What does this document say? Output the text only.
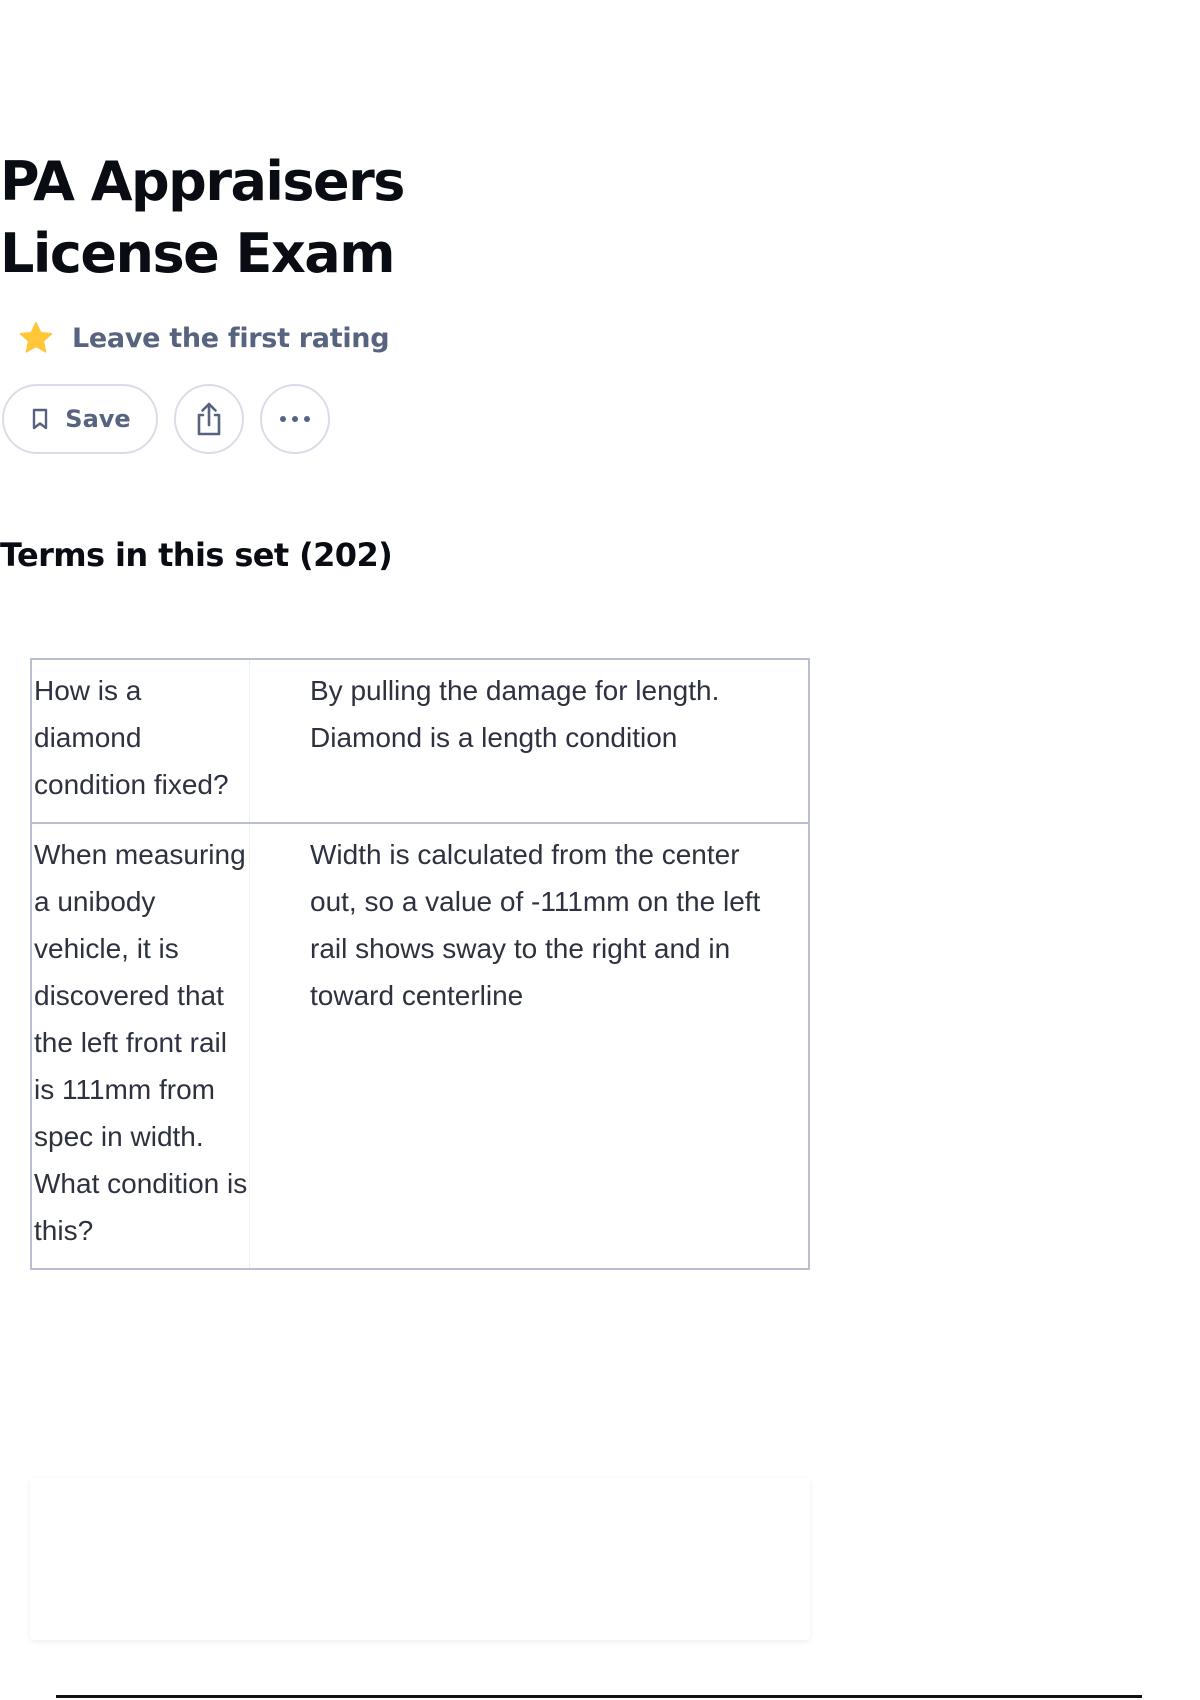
PA Appraisers License Exam
Leave the first rating
Save
Terms in this set (202)
How is a diamond condition fixed?
By pulling the damage for length. Diamond is a length condition
When measuring a unibody vehicle, it is discovered that the left front rail is 111mm from spec in width. What condition is this?
Width is calculated from the center out, so a value of -111mm on the left rail shows sway to the right and in toward centerline
